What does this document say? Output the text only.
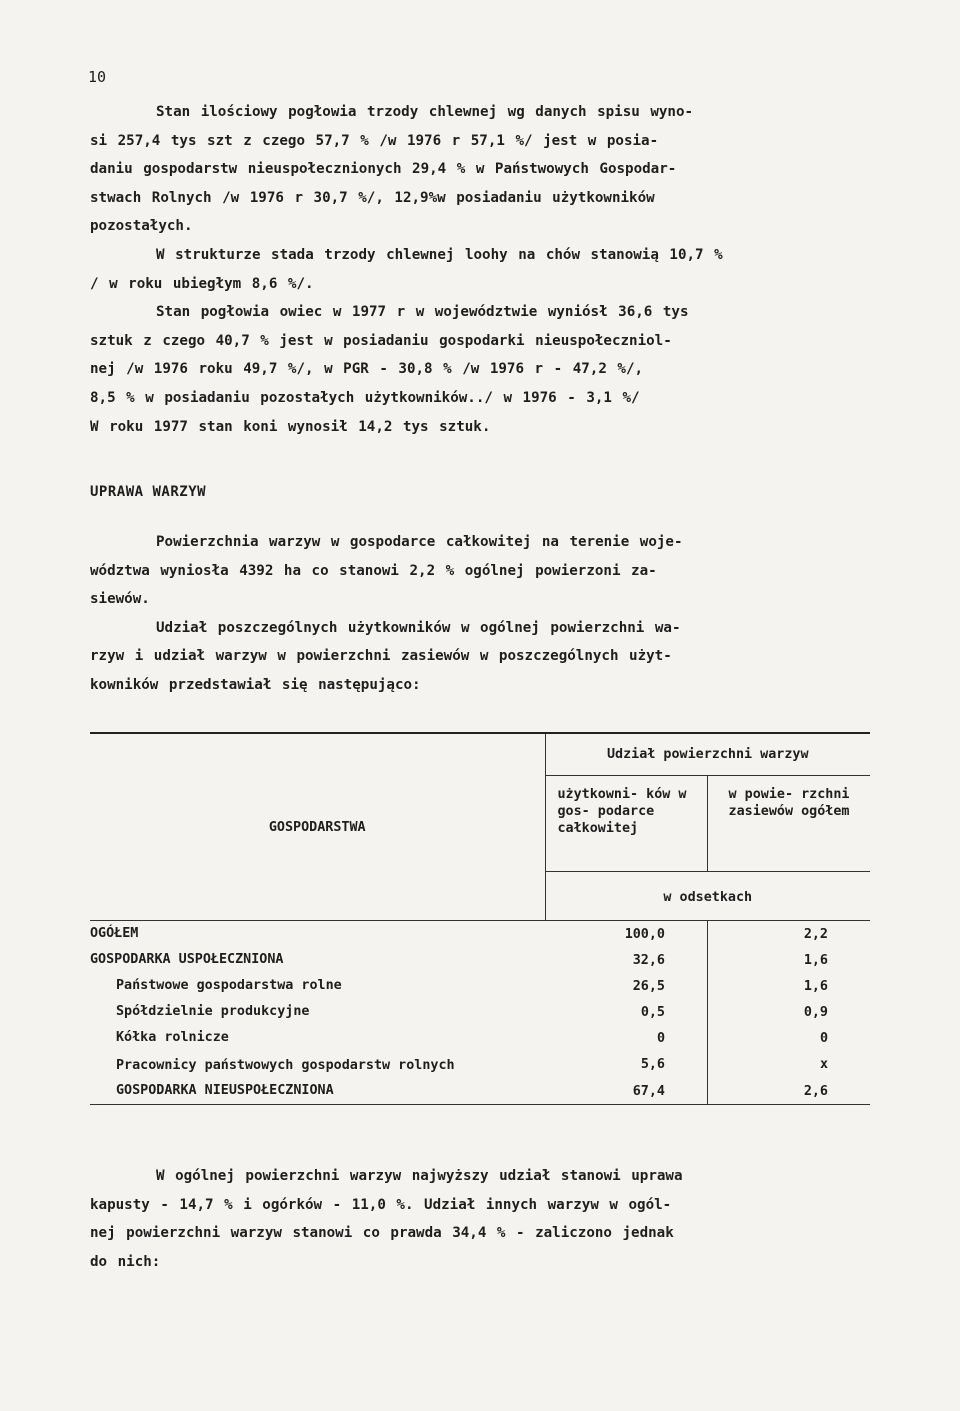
10
Stan ilościowy pogłowia trzody chlewnej wg danych spisu wyno-
si 257,4 tys szt z czego 57,7 % /w 1976 r 57,1 %/ jest w posia-
daniu gospodarstw nieuspołecznionych 29,4 % w Państwowych Gospodar-
stwach Rolnych /w 1976 r 30,7 %/, 12,9%w posiadaniu użytkowników
pozostałych.
W strukturze stada trzody chlewnej loohy na chów stanowią 10,7 %
/ w roku ubiegłym 8,6 %/.
Stan pogłowia owiec w 1977 r w województwie wyniósł 36,6 tys
sztuk z czego 40,7 % jest w posiadaniu gospodarki nieuspołeczniol-
nej /w 1976 roku 49,7 %/, w PGR - 30,8 % /w 1976 r - 47,2 %/,
8,5 % w posiadaniu pozostałych użytkowników../ w 1976 - 3,1 %/
W roku 1977 stan koni wynosił 14,2 tys sztuk.
UPRAWA WARZYW
Powierzchnia warzyw w gospodarce całkowitej na terenie woje-
wództwa wyniosła 4392 ha co stanowi 2,2 % ogólnej powierzoni za-
siewów.
Udział poszczególnych użytkowników w ogólnej powierzchni wa-
rzyw i udział warzyw w powierzchni zasiewów w poszczególnych użyt-
kowników przedstawiał się następująco:
GOSPODARSTWA	Udział powierzchni warzyw	
	użytkowni- ków w gos- podarce całkowitej	w powie- rzchni zasiewów ogółem
	w odsetkach	
OGÓŁEM	100,0	2,2
GOSPODARKA USPOŁECZNIONA	32,6	1,6
Państwowe gospodarstwa rolne	26,5	1,6
Spółdzielnie produkcyjne	0,5	0,9
Kółka rolnicze	0	0
Pracownicy państwowych gospodarstw rolnych	5,6	x
GOSPODARKA NIEUSPOŁECZNIONA	67,4	2,6
W ogólnej powierzchni warzyw najwyższy udział stanowi uprawa
kapusty - 14,7 % i ogórków - 11,0 %. Udział innych warzyw w ogól-
nej powierzchni warzyw stanowi co prawda 34,4 % - zaliczono jednak
do nich:
